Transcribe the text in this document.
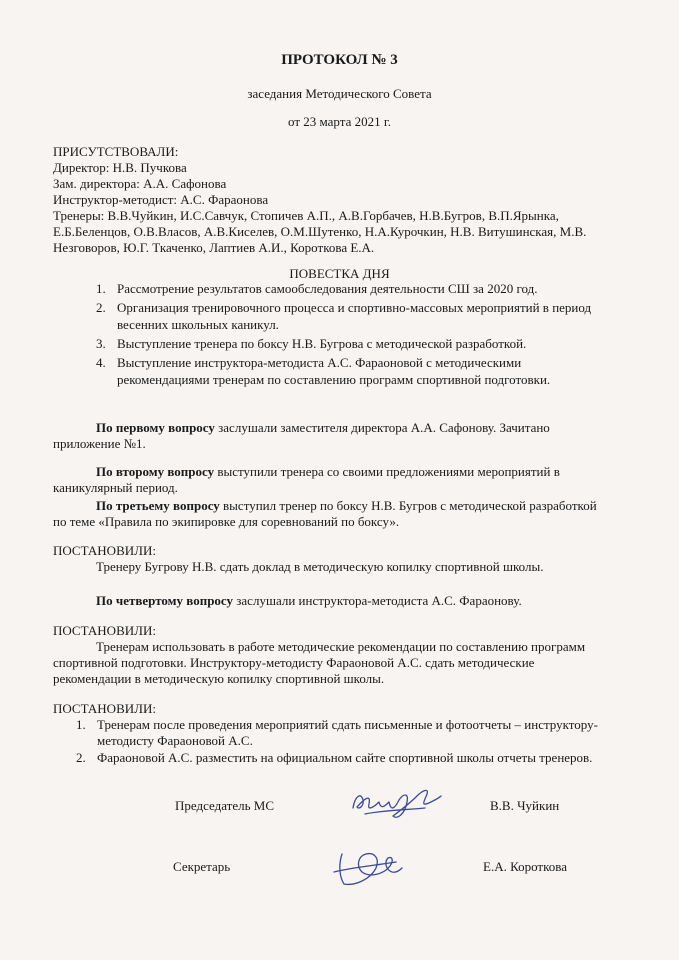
ПРОТОКОЛ № 3
заседания Методического Совета
от 23 марта 2021 г.
ПРИСУТСТВОВАЛИ:
Директор: Н.В. Пучкова
Зам. директора: А.А. Сафонова
Инструктор-методист: А.С. Фараонова
Тренеры: В.В.Чуйкин, И.С.Савчук, Стопичев А.П., А.В.Горбачев, Н.В.Бугров, В.П.Ярынка,
Е.Б.Беленцов, О.В.Власов, А.В.Киселев, О.М.Шутенко, Н.А.Курочкин, Н.В. Витушинская, М.В.
Незговоров, Ю.Г. Ткаченко, Лаптиев А.И., Короткова Е.А.
ПОВЕСТКА ДНЯ
1. Рассмотрение результатов самообследования деятельности СШ за 2020 год.
2. Организация тренировочного процесса и спортивно-массовых мероприятий в период
весенних школьных каникул.
3. Выступление тренера по боксу Н.В. Бугрова с методической разработкой.
4. Выступление инструктора-методиста А.С. Фараоновой с методическими
рекомендациями тренерам по составлению программ спортивной подготовки.
По первому вопросу заслушали заместителя директора А.А. Сафонову. Зачитано
приложение №1.
По второму вопросу выступили тренера со своими предложениями мероприятий в
каникулярный период.
По третьему вопросу выступил тренер по боксу Н.В. Бугров с методической разработкой
по теме «Правила по экипировке для соревнований по боксу».
ПОСТАНОВИЛИ:
Тренеру Бугрову Н.В. сдать доклад в методическую копилку спортивной школы.
По четвертому вопросу заслушали инструктора-методиста А.С. Фараонову.
ПОСТАНОВИЛИ:
Тренерам использовать в работе методические рекомендации по составлению программ
спортивной подготовки. Инструктору-методисту Фараоновой А.С. сдать методические
рекомендации в методическую копилку спортивной школы.
ПОСТАНОВИЛИ:
1. Тренерам после проведения мероприятий сдать письменные и фотоотчеты – инструктору-
методисту Фараоновой А.С.
2. Фараоновой А.С. разместить на официальном сайте спортивной школы отчеты тренеров.
Председатель МС	В.В. Чуйкин
Секретарь	Е.А. Короткова
